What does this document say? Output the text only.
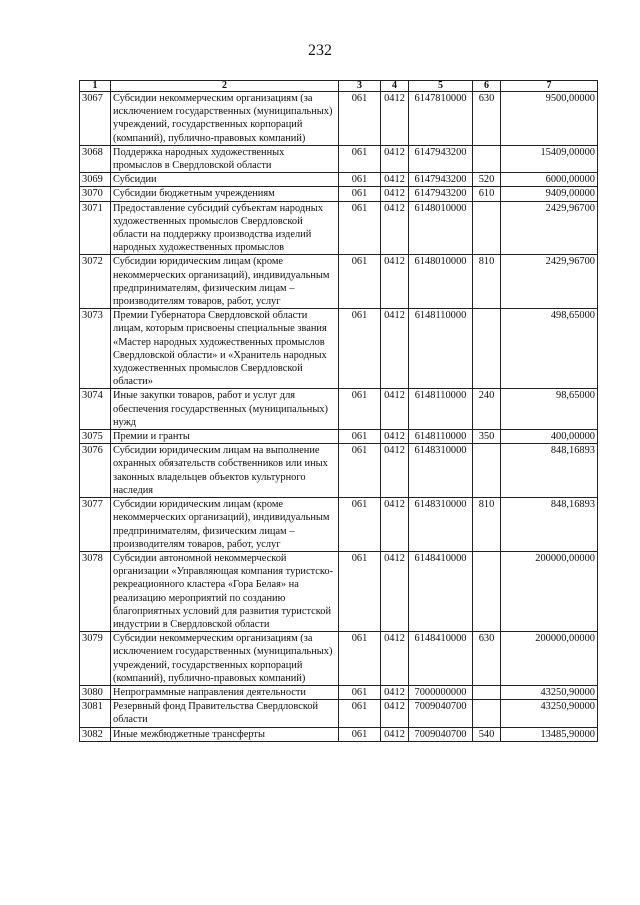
232
1	2	3	4	5	6	7
3067	Субсидии некоммерческим организациям (за исключением государственных (муниципальных) учреждений, государственных корпораций (компаний), публично-правовых компаний)	061	0412	6147810000	630	9500,00000
3068	Поддержка народных художественных промыслов в Свердловской области	061	0412	6147943200		15409,00000
3069	Субсидии	061	0412	6147943200	520	6000,00000
3070	Субсидии бюджетным учреждениям	061	0412	6147943200	610	9409,00000
3071	Предоставление субсидий субъектам народных художественных промыслов Свердловской области на поддержку производства изделий народных художественных промыслов	061	0412	6148010000		2429,96700
3072	Субсидии юридическим лицам (кроме некоммерческих организаций), индивидуальным предпринимателям, физическим лицам – производителям товаров, работ, услуг	061	0412	6148010000	810	2429,96700
3073	Премии Губернатора Свердловской области лицам, которым присвоены специальные звания «Мастер народных художественных промыслов Свердловской области» и «Хранитель народных художественных промыслов Свердловской области»	061	0412	6148110000		498,65000
3074	Иные закупки товаров, работ и услуг для обеспечения государственных (муниципальных) нужд	061	0412	6148110000	240	98,65000
3075	Премии и гранты	061	0412	6148110000	350	400,00000
3076	Субсидии юридическим лицам на выполнение охранных обязательств собственников или иных законных владельцев объектов культурного наследия	061	0412	6148310000		848,16893
3077	Субсидии юридическим лицам (кроме некоммерческих организаций), индивидуальным предпринимателям, физическим лицам – производителям товаров, работ, услуг	061	0412	6148310000	810	848,16893
3078	Субсидии автономной некоммерческой организации «Управляющая компания туристско-рекреационного кластера «Гора Белая» на реализацию мероприятий по созданию благоприятных условий для развития туристской индустрии в Свердловской области	061	0412	6148410000		200000,00000
3079	Субсидии некоммерческим организациям (за исключением государственных (муниципальных) учреждений, государственных корпораций (компаний), публично-правовых компаний)	061	0412	6148410000	630	200000,00000
3080	Непрограммные направления деятельности	061	0412	7000000000		43250,90000
3081	Резервный фонд Правительства Свердловской области	061	0412	7009040700		43250,90000
3082	Иные межбюджетные трансферты	061	0412	7009040700	540	13485,90000
